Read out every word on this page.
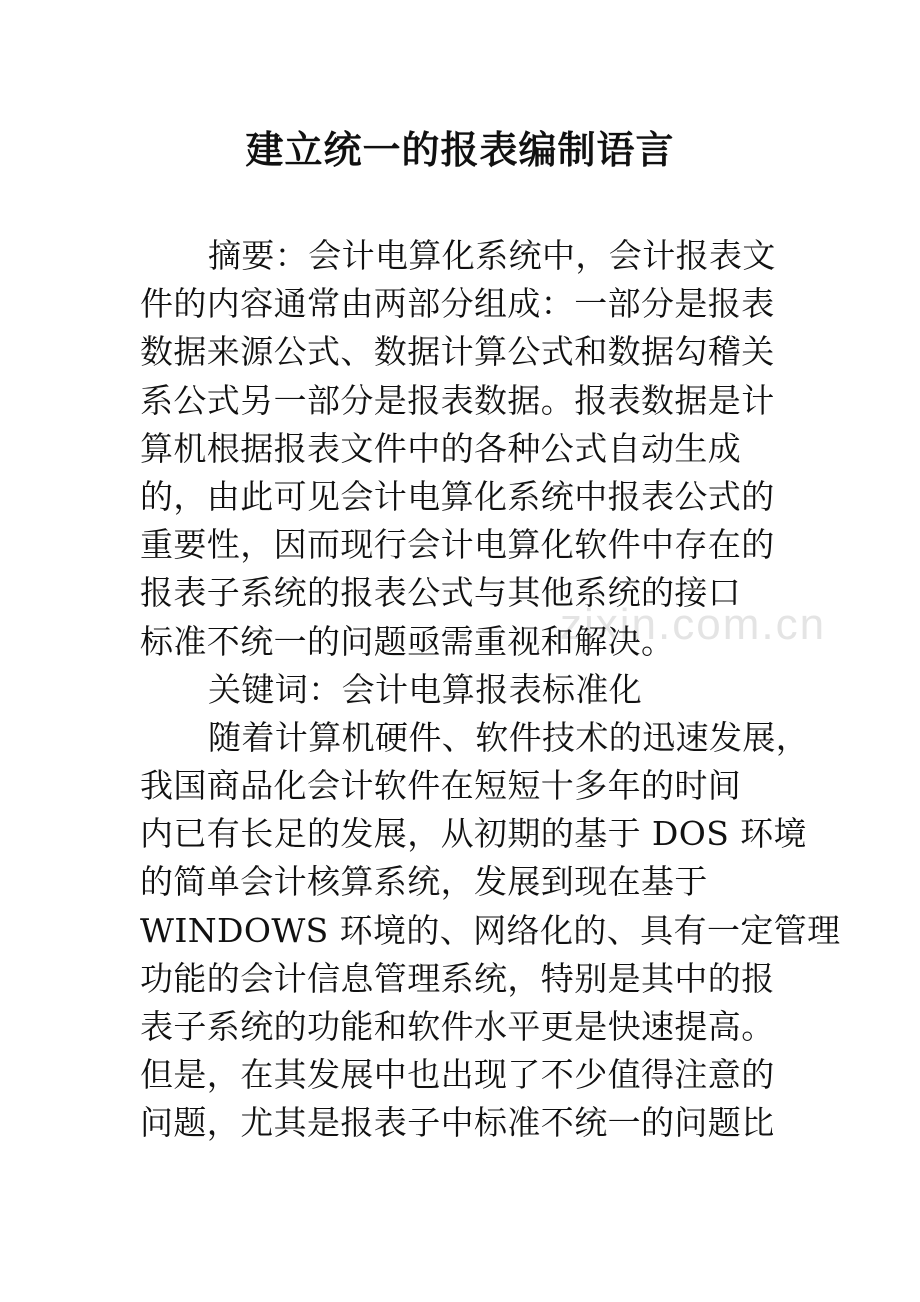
zixin.com.cn
建立统一的报表编制语言
摘要：会计电算化系统中，会计报表文
件的内容通常由两部分组成：一部分是报表
数据来源公式、数据计算公式和数据勾稽关
系公式另一部分是报表数据。报表数据是计
算机根据报表文件中的各种公式自动生成
的，由此可见会计电算化系统中报表公式的
重要性，因而现行会计电算化软件中存在的
报表子系统的报表公式与其他系统的接口
标准不统一的问题亟需重视和解决。
关键词：会计电算报表标准化
随着计算机硬件、软件技术的迅速发展，
我国商品化会计软件在短短十多年的时间
内已有长足的发展，从初期的基于 DOS 环境
的简单会计核算系统，发展到现在基于
WINDOWS 环境的、网络化的、具有一定管理
功能的会计信息管理系统，特别是其中的报
表子系统的功能和软件水平更是快速提高。
但是，在其发展中也出现了不少值得注意的
问题，尤其是报表子中标准不统一的问题比
